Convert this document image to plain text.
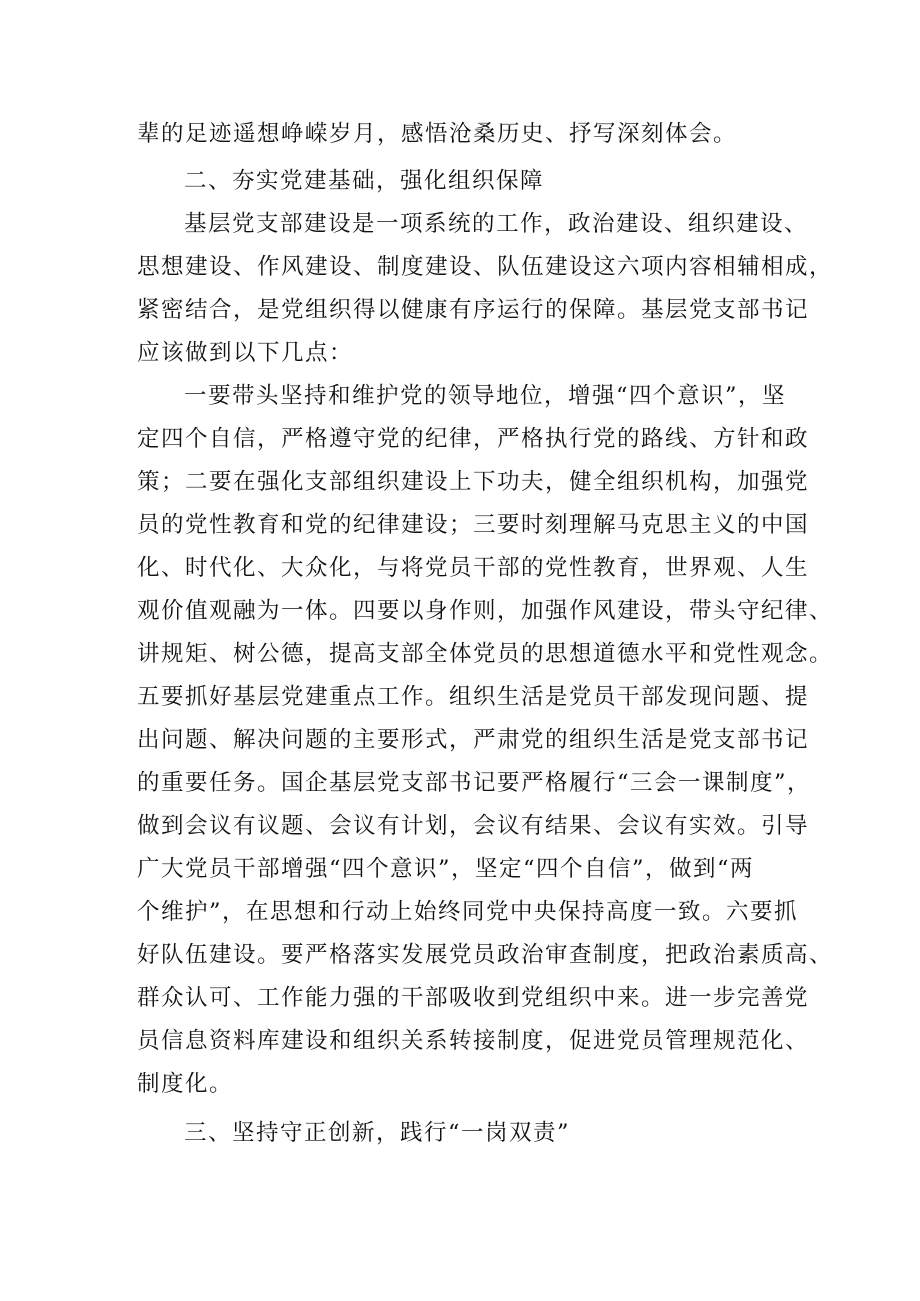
辈的足迹遥想峥嵘岁月，感悟沧桑历史、抒写深刻体会。
二、夯实党建基础，强化组织保障
基层党支部建设是一项系统的工作，政治建设、组织建设、
思想建设、作风建设、制度建设、队伍建设这六项内容相辅相成，
紧密结合，是党组织得以健康有序运行的保障。基层党支部书记
应该做到以下几点：
一要带头坚持和维护党的领导地位，增强“四个意识”，坚
定四个自信，严格遵守党的纪律，严格执行党的路线、方针和政
策；二要在强化支部组织建设上下功夫，健全组织机构，加强党
员的党性教育和党的纪律建设；三要时刻理解马克思主义的中国
化、时代化、大众化，与将党员干部的党性教育，世界观、人生
观价值观融为一体。四要以身作则，加强作风建设，带头守纪律、
讲规矩、树公德，提高支部全体党员的思想道德水平和党性观念。
五要抓好基层党建重点工作。组织生活是党员干部发现问题、提
出问题、解决问题的主要形式，严肃党的组织生活是党支部书记
的重要任务。国企基层党支部书记要严格履行“三会一课制度”，
做到会议有议题、会议有计划，会议有结果、会议有实效。引导
广大党员干部增强“四个意识”，坚定“四个自信”，做到“两
个维护”，在思想和行动上始终同党中央保持高度一致。六要抓
好队伍建设。要严格落实发展党员政治审查制度，把政治素质高、
群众认可、工作能力强的干部吸收到党组织中来。进一步完善党
员信息资料库建设和组织关系转接制度，促进党员管理规范化、
制度化。
三、坚持守正创新，践行“一岗双责”
